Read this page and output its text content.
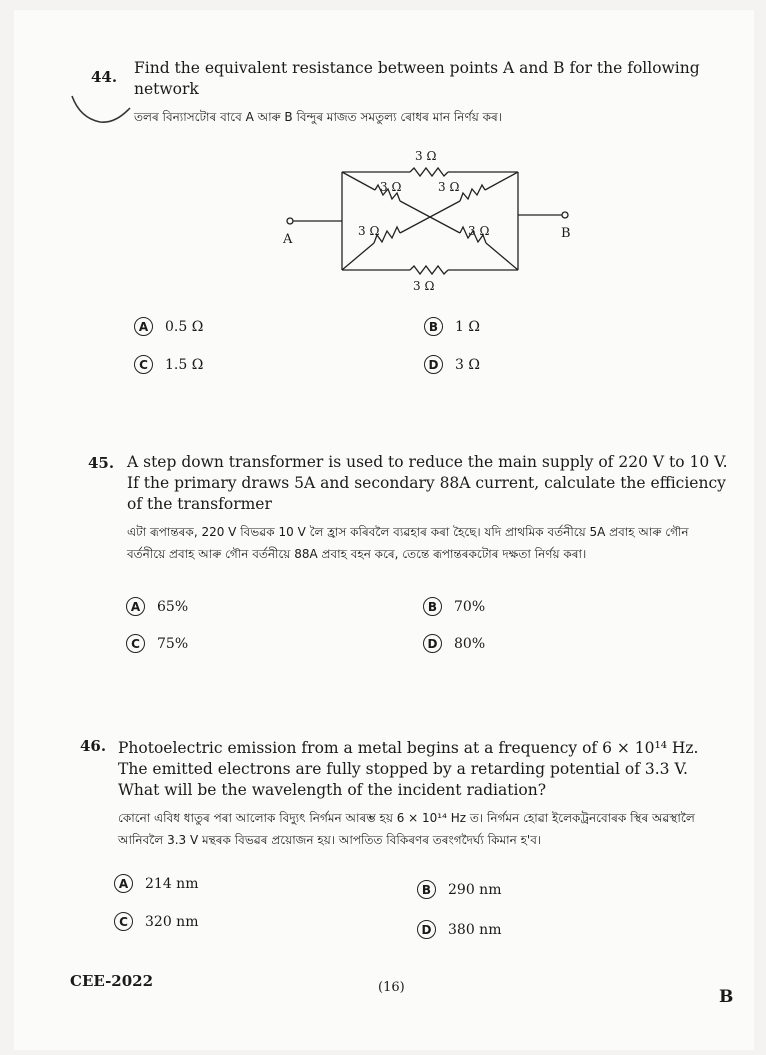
44. Find the equivalent resistance between points A and B for the following network
তলৰ বিন্যাসটোৰ বাবে A আৰু B বিন্দুৰ মাজত সমতুল্য ৰোধৰ মান নিৰ্ণয় কৰ।
3 Ω
3 Ω	3 Ω
3 Ω	3 Ω
3 Ω
A	B
A	0.5 Ω	B	1 Ω
C	1.5 Ω	D	3 Ω
45. A step down transformer is used to reduce the main supply of 220 V to 10 V. If the primary draws 5A and secondary 88A current, calculate the efficiency of the transformer
এটা ৰূপান্তৰক, 220 V বিভৱক 10 V লৈ হ্ৰাস কৰিবলৈ ব্যৱহাৰ কৰা হৈছে। যদি প্ৰাথমিক বৰ্তনীয়ে 5A প্ৰবাহ আৰু গৌন বৰ্তনীয়ে প্ৰবাহ আৰু গৌন বৰ্তনীয়ে 88A প্ৰবাহ বহন কৰে, তেন্তে ৰূপান্তৰকটোৰ দক্ষতা নিৰ্ণয় কৰা।
A	65%	B	70%
C	75%	D	80%
46. Photoelectric emission from a metal begins at a frequency of 6 × 10¹⁴ Hz. The emitted electrons are fully stopped by a retarding potential of 3.3 V. What will be the wavelength of the incident radiation?
কোনো এবিধ ধাতুৰ পৰা আলোক বিদ্যুৎ নিৰ্গমন আৰম্ভ হয় 6 × 10¹⁴ Hz ত। নিৰ্গমন হোৱা ইলেকট্ৰনবোৰক স্থিৰ অৱস্থালৈ আনিবলৈ 3.3 V মন্থৰক বিভৱৰ প্ৰয়োজন হয়। আপতিত বিকিৰণৰ তৰংগদৈৰ্ঘ্য কিমান হ'ব।
A	214 nm	B	290 nm
C	320 nm	D	380 nm
CEE-2022	(16)	B
